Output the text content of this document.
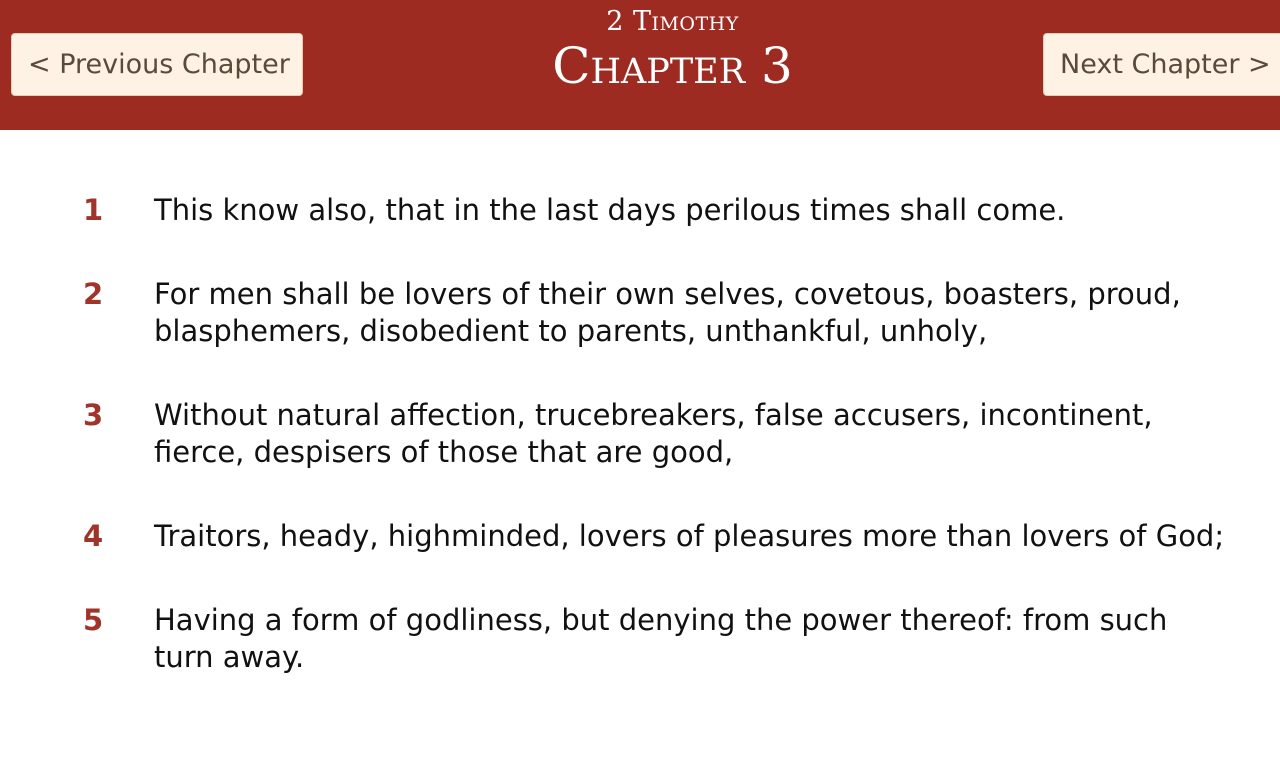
< Previous Chapter
2 Timothy
Chapter 3	Next Chapter >
1	This know also, that in the last days perilous times shall come.
2	For men shall be lovers of their own selves, covetous, boasters, proud, blasphemers, disobedient to parents, unthankful, unholy,
3	Without natural affection, trucebreakers, false accusers, incontinent, fierce, despisers of those that are good,
4	Traitors, heady, highminded, lovers of pleasures more than lovers of God;
5	Having a form of godliness, but denying the power thereof: from such turn away.
